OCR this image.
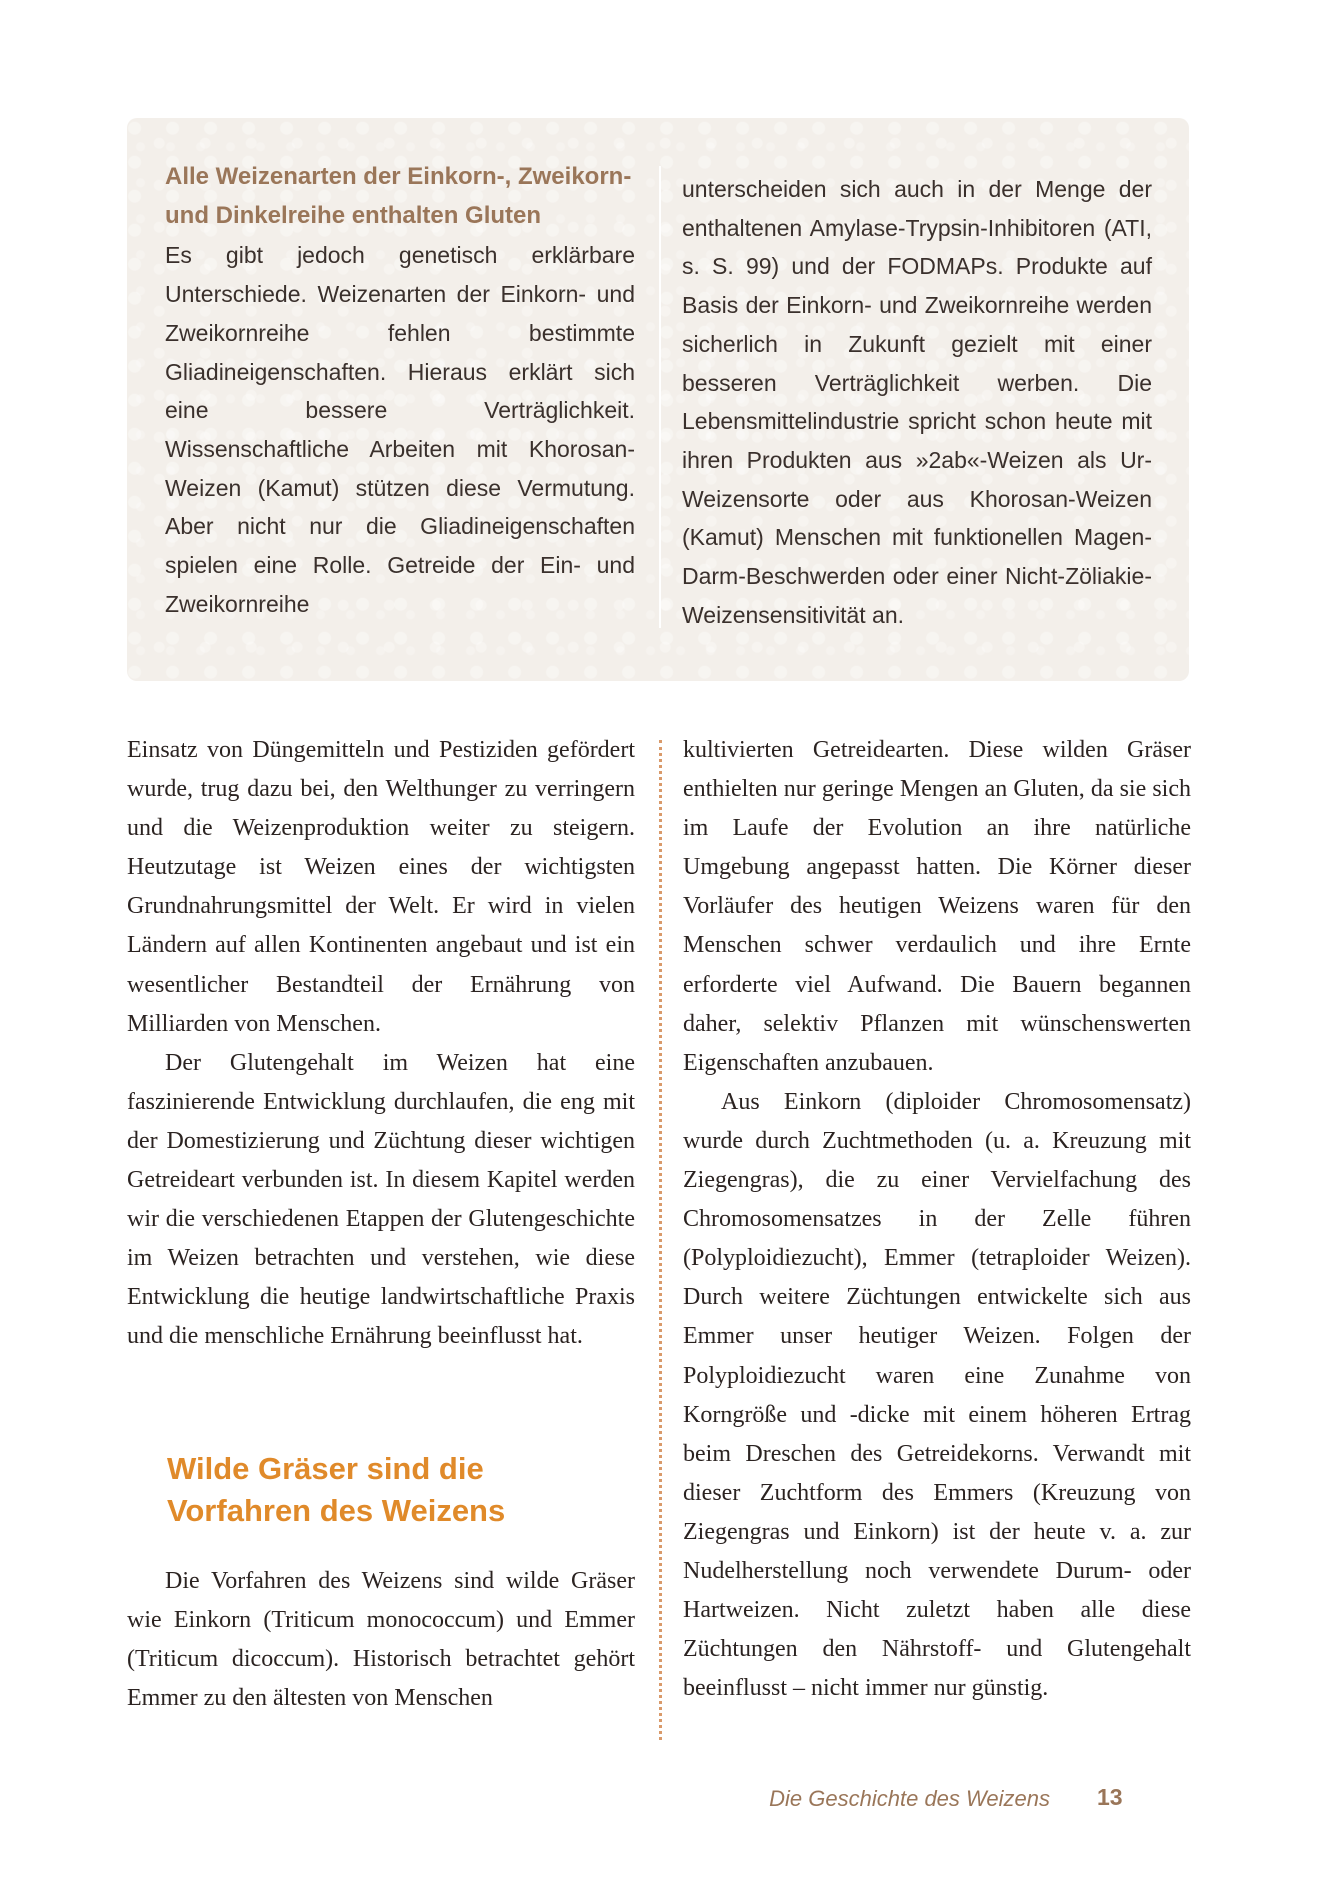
Alle Weizenarten der Einkorn-, Zweikorn- und Dinkelreihe enthalten Gluten
Es gibt jedoch genetisch erklärbare Unterschiede. Weizenarten der Einkorn- und Zweikornreihe fehlen bestimmte Gliadineigenschaften. Hieraus erklärt sich eine bessere Verträglichkeit. Wissenschaftliche Arbeiten mit Khorosan-Weizen (Kamut) stützen diese Vermutung. Aber nicht nur die Gliadineigenschaften spielen eine Rolle. Getreide der Ein- und Zweikornreihe
unterscheiden sich auch in der Menge der enthaltenen Amylase-Trypsin-Inhibitoren (ATI, s. S. 99) und der FODMAPs. Produkte auf Basis der Einkorn- und Zweikornreihe werden sicherlich in Zukunft gezielt mit einer besseren Verträglichkeit werben. Die Lebensmittelindustrie spricht schon heute mit ihren Produkten aus »2ab«-Weizen als Ur-Weizensorte oder aus Khorosan-Weizen (Kamut) Menschen mit funktionellen Magen-Darm-Beschwerden oder einer Nicht-Zöliakie-Weizensensitivität an.

Einsatz von Düngemitteln und Pestiziden gefördert wurde, trug dazu bei, den Welthunger zu verringern und die Weizenproduktion weiter zu steigern. Heutzutage ist Weizen eines der wichtigsten Grundnahrungsmittel der Welt. Er wird in vielen Ländern auf allen Kontinenten angebaut und ist ein wesentlicher Bestandteil der Ernährung von Milliarden von Menschen.

Der Glutengehalt im Weizen hat eine faszinierende Entwicklung durchlaufen, die eng mit der Domestizierung und Züchtung dieser wichtigen Getreideart verbunden ist. In diesem Kapitel werden wir die verschiedenen Etappen der Glutengeschichte im Weizen betrachten und verstehen, wie diese Entwicklung die heutige landwirtschaftliche Praxis und die menschliche Ernährung beeinflusst hat.

Wilde Gräser sind die
Vorfahren des Weizens

Die Vorfahren des Weizens sind wilde Gräser wie Einkorn (Triticum monococcum) und Emmer (Triticum dicoccum). Historisch betrachtet gehört Emmer zu den ältesten von Menschen

kultivierten Getreidearten. Diese wilden Gräser enthielten nur geringe Mengen an Gluten, da sie sich im Laufe der Evolution an ihre natürliche Umgebung angepasst hatten. Die Körner dieser Vorläufer des heutigen Weizens waren für den Menschen schwer verdaulich und ihre Ernte erforderte viel Aufwand. Die Bauern begannen daher, selektiv Pflanzen mit wünschenswerten Eigenschaften anzubauen.

Aus Einkorn (diploider Chromosomensatz) wurde durch Zuchtmethoden (u. a. Kreuzung mit Ziegengras), die zu einer Vervielfachung des Chromosomensatzes in der Zelle führen (Polyploidiezucht), Emmer (tetraploider Weizen). Durch weitere Züchtungen entwickelte sich aus Emmer unser heutiger Weizen. Folgen der Polyploidiezucht waren eine Zunahme von Korngröße und -dicke mit einem höheren Ertrag beim Dreschen des Getreidekorns. Verwandt mit dieser Zuchtform des Emmers (Kreuzung von Ziegengras und Einkorn) ist der heute v. a. zur Nudelherstellung noch verwendete Durum- oder Hartweizen. Nicht zuletzt haben alle diese Züchtungen den Nährstoff- und Glutengehalt beeinflusst – nicht immer nur günstig.

Die Geschichte des Weizens 13
